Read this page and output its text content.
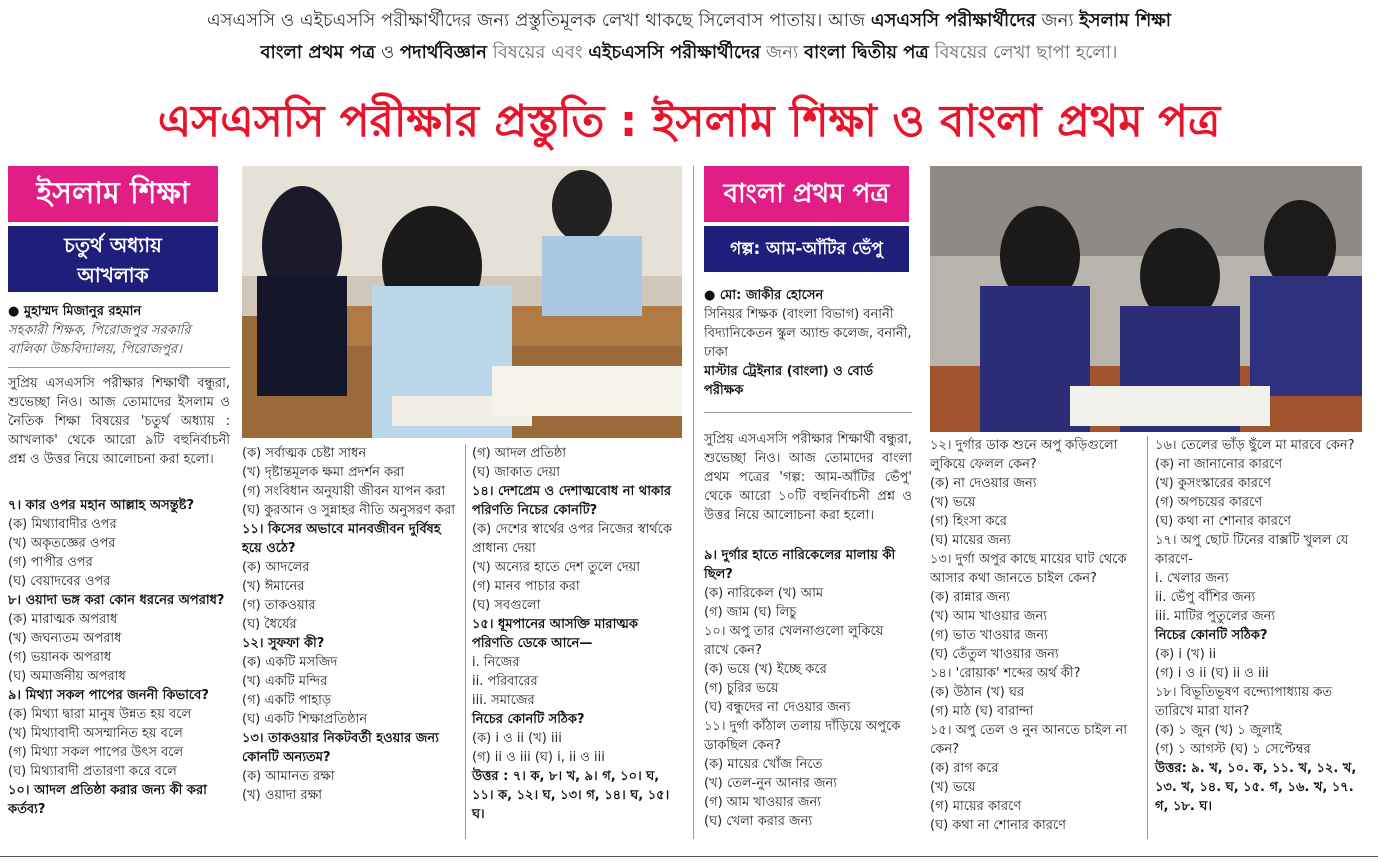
এসএসসি ও এইচএসসি পরীক্ষার্থীদের জন্য প্রস্তুতিমূলক লেখা থাকছে সিলেবাস পাতায়। আজ এসএসসি পরীক্ষার্থীদের জন্য ইসলাম শিক্ষা
বাংলা প্রথম পত্র ও পদার্থবিজ্ঞান বিষয়ের এবং এইচএসসি পরীক্ষার্থীদের জন্য বাংলা দ্বিতীয় পত্র বিষয়ের লেখা ছাপা হলো।
এসএসসি পরীক্ষার প্রস্তুতি : ইসলাম শিক্ষা ও বাংলা প্রথম পত্র
ইসলাম শিক্ষা
চতুর্থ অধ্যায়
আখলাক
● মুহাম্মদ মিজানুর রহমান
সহকারী শিক্ষক, পিরোজপুর সরকারি বালিকা উচ্চবিদ্যালয়, পিরোজপুর।
সুপ্রিয় এসএসসি পরীক্ষার শিক্ষার্থী বন্ধুরা, শুভেচ্ছা নিও। আজ তোমাদের ইসলাম ও নৈতিক শিক্ষা বিষয়ের 'চতুর্থ অধ্যায় : আখলাক' থেকে আরো ৯টি বহুনির্বাচনী প্রশ্ন ও উত্তর নিয়ে আলোচনা করা হলো।
৭। কার ওপর মহান আল্লাহ অসন্তুষ্ট?
(ক) মিথ্যাবাদীর ওপর
(খ) অকৃতজ্ঞের ওপর
(গ) পাপীর ওপর
(ঘ) বেয়াদবের ওপর
৮। ওয়াদা ভঙ্গ করা কোন ধরনের অপরাধ?
(ক) মারাত্মক অপরাধ
(খ) জঘন্যতম অপরাধ
(গ) ভয়ানক অপরাধ
(ঘ) অমার্জনীয় অপরাধ
৯। মিথ্যা সকল পাপের জননী কিভাবে?
(ক) মিথ্যা দ্বারা মানুষ উন্নত হয় বলে
(খ) মিথ্যাবাদী অসম্মানিত হয় বলে
(গ) মিথ্যা সকল পাপের উৎস বলে
(ঘ) মিথ্যাবাদী প্রতারণা করে বলে
১০। আদল প্রতিষ্ঠা করার জন্য কী করা কর্তব্য?
(ক) সর্বাত্মক চেষ্টা সাধন
(খ) দৃষ্টান্তমূলক ক্ষমা প্রদর্শন করা
(গ) সংবিধান অনুযায়ী জীবন যাপন করা
(ঘ) কুরআন ও সুন্নাহর নীতি অনুসরণ করা
১১। কিসের অভাবে মানবজীবন দুর্বিষহ হয়ে ওঠে?
(ক) আদলের
(খ) ঈমানের
(গ) তাকওয়ার
(ঘ) ধৈর্যের
১২। সুফফা কী?
(ক) একটি মসজিদ
(খ) একটি মন্দির
(গ) একটি পাহাড়
(ঘ) একটি শিক্ষাপ্রতিষ্ঠান
১৩। তাকওয়ার নিকটবর্তী হওয়ার জন্য কোনটি অন্যতম?
(ক) আমানত রক্ষা
(খ) ওয়াদা রক্ষা
(গ) আদল প্রতিষ্ঠা
(ঘ) জাকাত দেয়া
১৪। দেশপ্রেম ও দেশাত্মবোধ না থাকার পরিণতি নিচের কোনটি?
(ক) দেশের স্বার্থের ওপর নিজের স্বার্থকে প্রাধান্য দেয়া
(খ) অন্যের হাতে দেশ তুলে দেয়া
(গ) মানব পাচার করা
(ঘ) সবগুলো
১৫। ধূমপানের আসক্তি মারাত্মক পরিণতি ডেকে আনে—
i. নিজের
ii. পরিবারের
iii. সমাজের
নিচের কোনটি সঠিক?
(ক) i ও ii (খ) iii
(গ) ii ও iii (ঘ) i, ii ও iii
উত্তর : ৭। ক, ৮। খ, ৯। গ, ১০। ঘ, ১১। ক, ১২। ঘ, ১৩। গ, ১৪। ঘ, ১৫। ঘ।
বাংলা প্রথম পত্র
গল্প: আম-আঁটির ভেঁপু
● মো: জাকীর হোসেন
সিনিয়র শিক্ষক (বাংলা বিভাগ) বনানী বিদ্যানিকেতন স্কুল অ্যান্ড কলেজ, বনানী, ঢাকা
মাস্টার ট্রেইনার (বাংলা) ও বোর্ড পরীক্ষক
সুপ্রিয় এসএসসি পরীক্ষার শিক্ষার্থী বন্ধুরা, শুভেচ্ছা নিও। আজ তোমাদের বাংলা প্রথম পত্রের 'গল্প: আম-আঁটির ভেঁপু' থেকে আরো ১০টি বহুনির্বাচনী প্রশ্ন ও উত্তর নিয়ে আলোচনা করা হলো।
৯। দুর্গার হাতে নারিকেলের মালায় কী ছিল?
(ক) নারিকেল (খ) আম
(গ) জাম (ঘ) লিচু
১০। অপু তার খেলনাগুলো লুকিয়ে রাখে কেন?
(ক) ভয়ে (খ) ইচ্ছে করে
(গ) চুরির ভয়ে
(ঘ) বন্ধুদের না দেওয়ার জন্য
১১। দুর্গা কাঁঠাল তলায় দাঁড়িয়ে অপুকে ডাকছিল কেন?
(ক) মায়ের খোঁজ নিতে
(খ) তেল-নুন আনার জন্য
(গ) আম খাওয়ার জন্য
(ঘ) খেলা করার জন্য
১২। দুর্গার ডাক শুনে অপু কড়িগুলো লুকিয়ে ফেলল কেন?
(ক) না দেওয়ার জন্য
(খ) ভয়ে
(গ) হিংসা করে
(ঘ) মায়ের জন্য
১৩। দুর্গা অপুর কাছে মায়ের ঘাট থেকে আসার কথা জানতে চাইল কেন?
(ক) রান্নার জন্য
(খ) আম খাওয়ার জন্য
(গ) ভাত খাওয়ার জন্য
(ঘ) তেঁতুল খাওয়ার জন্য
১৪। 'রোয়াক' শব্দের অর্থ কী?
(ক) উঠান (খ) ঘর
(গ) মাঠ (ঘ) বারান্দা
১৫। অপু তেল ও নুন আনতে চাইল না কেন?
(ক) রাগ করে
(খ) ভয়ে
(গ) মায়ের কারণে
(ঘ) কথা না শোনার কারণে
১৬। তেলের ভাঁড় ছুঁলে মা মারবে কেন?
(ক) না জানানোর কারণে
(খ) কুসংস্কারের কারণে
(গ) অপচয়ের কারণে
(ঘ) কথা না শোনার কারণে
১৭। অপু ছোট টিনের বাক্সটি খুলল যে কারণে-
i. খেলার জন্য
ii. ভেঁপু বাঁশির জন্য
iii. মাটির পুতুলের জন্য
নিচের কোনটি সঠিক?
(ক) i (খ) ii
(গ) i ও ii (ঘ) ii ও iii
১৮। বিভূতিভূষণ বন্দ্যোপাধ্যায় কত তারিখে মারা যান?
(ক) ১ জুন (খ) ১ জুলাই
(গ) ১ আগস্ট (ঘ) ১ সেপ্টেম্বর
উত্তর: ৯. খ, ১০. ক, ১১. খ, ১২. খ, ১৩. খ, ১৪. ঘ, ১৫. গ, ১৬. খ, ১৭. গ, ১৮. ঘ।
